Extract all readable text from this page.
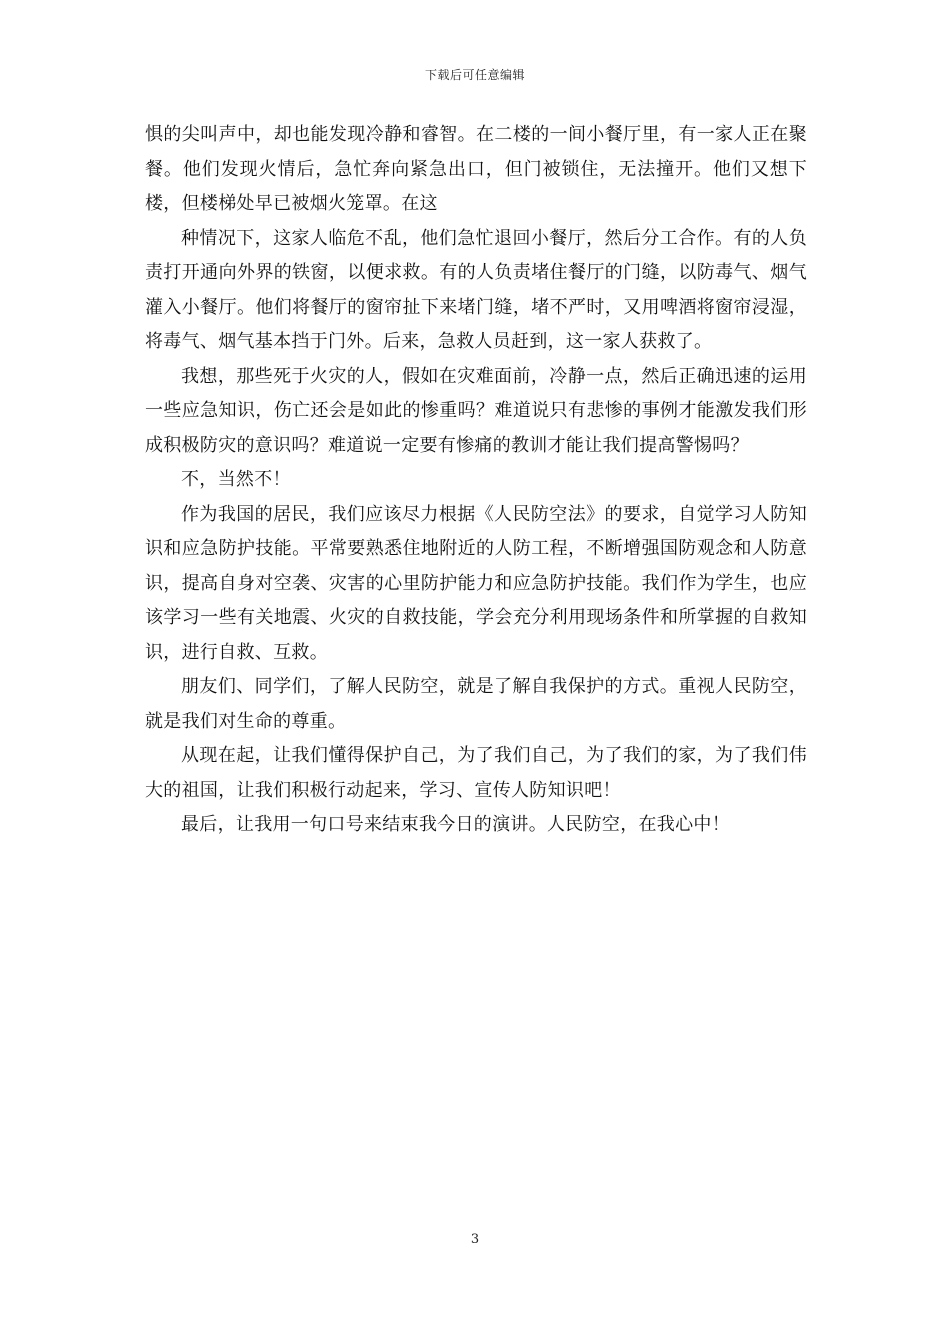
下载后可任意编辑

惧的尖叫声中，却也能发现冷静和睿智。在二楼的一间小餐厅里，有一家人正在聚餐。他们发现火情后，急忙奔向紧急出口，但门被锁住，无法撞开。他们又想下楼，但楼梯处早已被烟火笼罩。在这

种情况下，这家人临危不乱，他们急忙退回小餐厅，然后分工合作。有的人负责打开通向外界的铁窗，以便求救。有的人负责堵住餐厅的门缝，以防毒气、烟气灌入小餐厅。他们将餐厅的窗帘扯下来堵门缝，堵不严时，又用啤酒将窗帘浸湿，将毒气、烟气基本挡于门外。后来，急救人员赶到，这一家人获救了。

我想，那些死于火灾的人，假如在灾难面前，冷静一点，然后正确迅速的运用一些应急知识，伤亡还会是如此的惨重吗？难道说只有悲惨的事例才能激发我们形成积极防灾的意识吗？难道说一定要有惨痛的教训才能让我们提高警惕吗？

不，当然不！

作为我国的居民，我们应该尽力根据《人民防空法》的要求，自觉学习人防知识和应急防护技能。平常要熟悉住地附近的人防工程，不断增强国防观念和人防意识，提高自身对空袭、灾害的心里防护能力和应急防护技能。我们作为学生，也应该学习一些有关地震、火灾的自救技能，学会充分利用现场条件和所掌握的自救知识，进行自救、互救。

朋友们、同学们，了解人民防空，就是了解自我保护的方式。重视人民防空，就是我们对生命的尊重。

从现在起，让我们懂得保护自己，为了我们自己，为了我们的家，为了我们伟大的祖国，让我们积极行动起来，学习、宣传人防知识吧！

最后，让我用一句口号来结束我今日的演讲。人民防空，在我心中！

3
